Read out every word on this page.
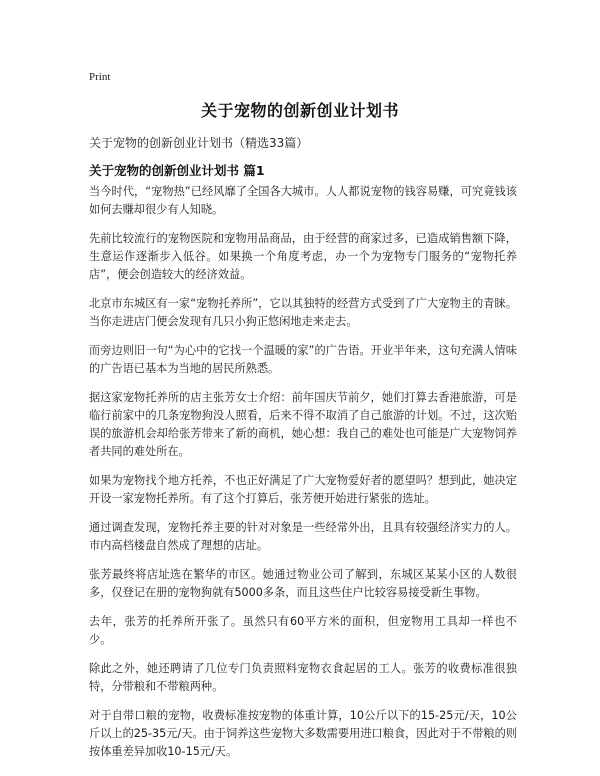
Print
关于宠物的创新创业计划书
关于宠物的创新创业计划书（精选33篇）
关于宠物的创新创业计划书 篇1

当今时代，“宠物热”已经风靡了全国各大城市。人人都说宠物的钱容易赚，可究竟钱该如何去赚却很少有人知晓。

先前比较流行的宠物医院和宠物用品商品，由于经营的商家过多，已造成销售额下降，生意运作逐渐步入低谷。如果换一个角度考虑，办一个为宠物专门服务的“宠物托养店”，便会创造较大的经济效益。

北京市东城区有一家“宠物托养所”，它以其独特的经营方式受到了广大宠物主的青睐。当你走进店门便会发现有几只小狗正悠闲地走来走去。

而旁边则旧一句“为心中的它找一个温暖的家”的广告语。开业半年来，这句充满人情味的广告语已基本为当地的居民所熟悉。

据这家宠物托养所的店主张芳女士介绍：前年国庆节前夕，她们打算去香港旅游，可是临行前家中的几条宠物狗没人照看，后来不得不取消了自己旅游的计划。不过，这次贻误的旅游机会却给张芳带来了新的商机，她心想：我自己的难处也可能是广大宠物饲养者共同的难处所在。

如果为宠物找个地方托养，不也正好满足了广大宠物爱好者的愿望吗？想到此，她决定开设一家宠物托养所。有了这个打算后，张芳便开始进行紧张的选址。

通过调查发现，宠物托养主要的针对对象是一些经常外出，且具有较强经济实力的人。市内高档楼盘自然成了理想的店址。

张芳最终将店址选在繁华的市区。她通过物业公司了解到，东城区某某小区的人数很多，仅登记在册的宠物狗就有5000多条，而且这些住户比较容易接受新生事物。

去年，张芳的托养所开张了。虽然只有60平方米的面积，但宠物用工具却一样也不少。

除此之外，她还聘请了几位专门负责照料宠物衣食起居的工人。张芳的收费标准很独特，分带粮和不带粮两种。

对于自带口粮的宠物，收费标准按宠物的体重计算，10公斤以下的15-25元/天，10公斤以上的25-35元/天。由于饲养这些宠物大多数需要用进口粮食，因此对于不带粮的则按体重差异加收10-15元/天。
